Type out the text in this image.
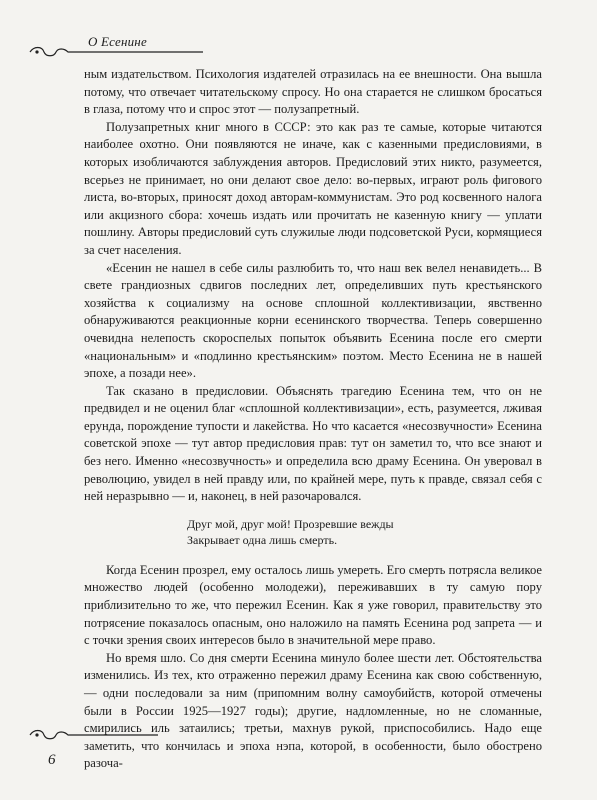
О Есенине

ным издательством. Психология издателей отразилась на ее внешности. Она вышла потому, что отвечает читательскому спросу. Но она старается не слишком бросаться в глаза, потому что и спрос этот — полузапретный.

Полузапретных книг много в СССР: это как раз те самые, которые читаются наиболее охотно. Они появляются не иначе, как с казенными предисловиями, в которых изобличаются заблуждения авторов. Предисловий этих никто, разумеется, всерьез не принимает, но они делают свое дело: во-первых, играют роль фигового листа, во-вторых, приносят доход авторам-коммунистам. Это род косвенного налога или акцизного сбора: хочешь издать или прочитать не казенную книгу — уплати пошлину. Авторы предисловий суть служилые люди подсоветской Руси, кормящиеся за счет населения.

«Есенин не нашел в себе силы разлюбить то, что наш век велел ненавидеть... В свете грандиозных сдвигов последних лет, определивших путь крестьянского хозяйства к социализму на основе сплошной коллективизации, явственно обнаруживаются реакционные корни есенинского творчества. Теперь совершенно очевидна нелепость скороспелых попыток объявить Есенина после его смерти «национальным» и «подлинно крестьянским» поэтом. Место Есенина не в нашей эпохе, а позади нее».

Так сказано в предисловии. Объяснять трагедию Есенина тем, что он не предвидел и не оценил благ «сплошной коллективизации», есть, разумеется, лживая ерунда, порождение тупости и лакейства. Но что касается «несозвучности» Есенина советской эпохе — тут автор предисловия прав: тут он заметил то, что все знают и без него. Именно «несозвучность» и определила всю драму Есенина. Он уверовал в революцию, увидел в ней правду или, по крайней мере, путь к правде, связал себя с ней неразрывно — и, наконец, в ней разочаровался.

Друг мой, друг мой! Прозревшие вежды
Закрывает одна лишь смерть.

Когда Есенин прозрел, ему осталось лишь умереть. Его смерть потрясла великое множество людей (особенно молодежи), переживавших в ту самую пору приблизительно то же, что пережил Есенин. Как я уже говорил, правительству это потрясение показалось опасным, оно наложило на память Есенина род запрета — и с точки зрения своих интересов было в значительной мере право.

Но время шло. Со дня смерти Есенина минуло более шести лет. Обстоятельства изменились. Из тех, кто отраженно пережил драму Есенина как свою собственную,— одни последовали за ним (припомним волну самоубийств, которой отмечены были в России 1925—1927 годы); другие, надломленные, но не сломанные, смирились иль затаились; третьи, махнув рукой, приспособились. Надо еще заметить, что кончилась и эпоха нэпа, которой, в особенности, было обострено разоча-

6
